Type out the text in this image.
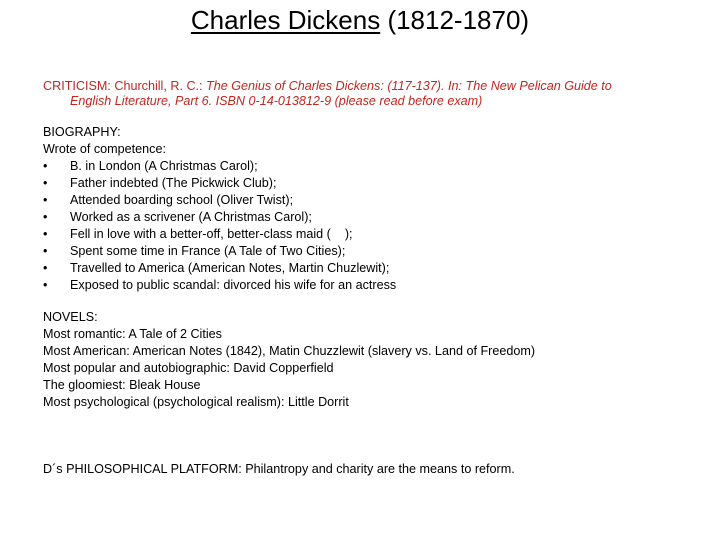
Charles Dickens (1812-1870)
CRITICISM: Churchill, R. C.: The Genius of Charles Dickens: (117-137). In: The New Pelican Guide to
English Literature, Part 6. ISBN 0-14-013812-9 (please read before exam)
BIOGRAPHY:
Wrote of competence:
• B. in London (A Christmas Carol);
• Father indebted (The Pickwick Club);
• Attended boarding school (Oliver Twist);
• Worked as a scrivener (A Christmas Carol);
• Fell in love with a better-off, better-class maid (    );
• Spent some time in France (A Tale of Two Cities);
• Travelled to America (American Notes, Martin Chuzlewit);
• Exposed to public scandal: divorced his wife for an actress
NOVELS:
Most romantic: A Tale of 2 Cities
Most American: American Notes (1842), Matin Chuzzlewit (slavery vs. Land of Freedom)
Most popular and autobiographic: David Copperfield
The gloomiest: Bleak House
Most psychological (psychological realism): Little Dorrit
D´s PHILOSOPHICAL PLATFORM: Philantropy and charity are the means to reform.
